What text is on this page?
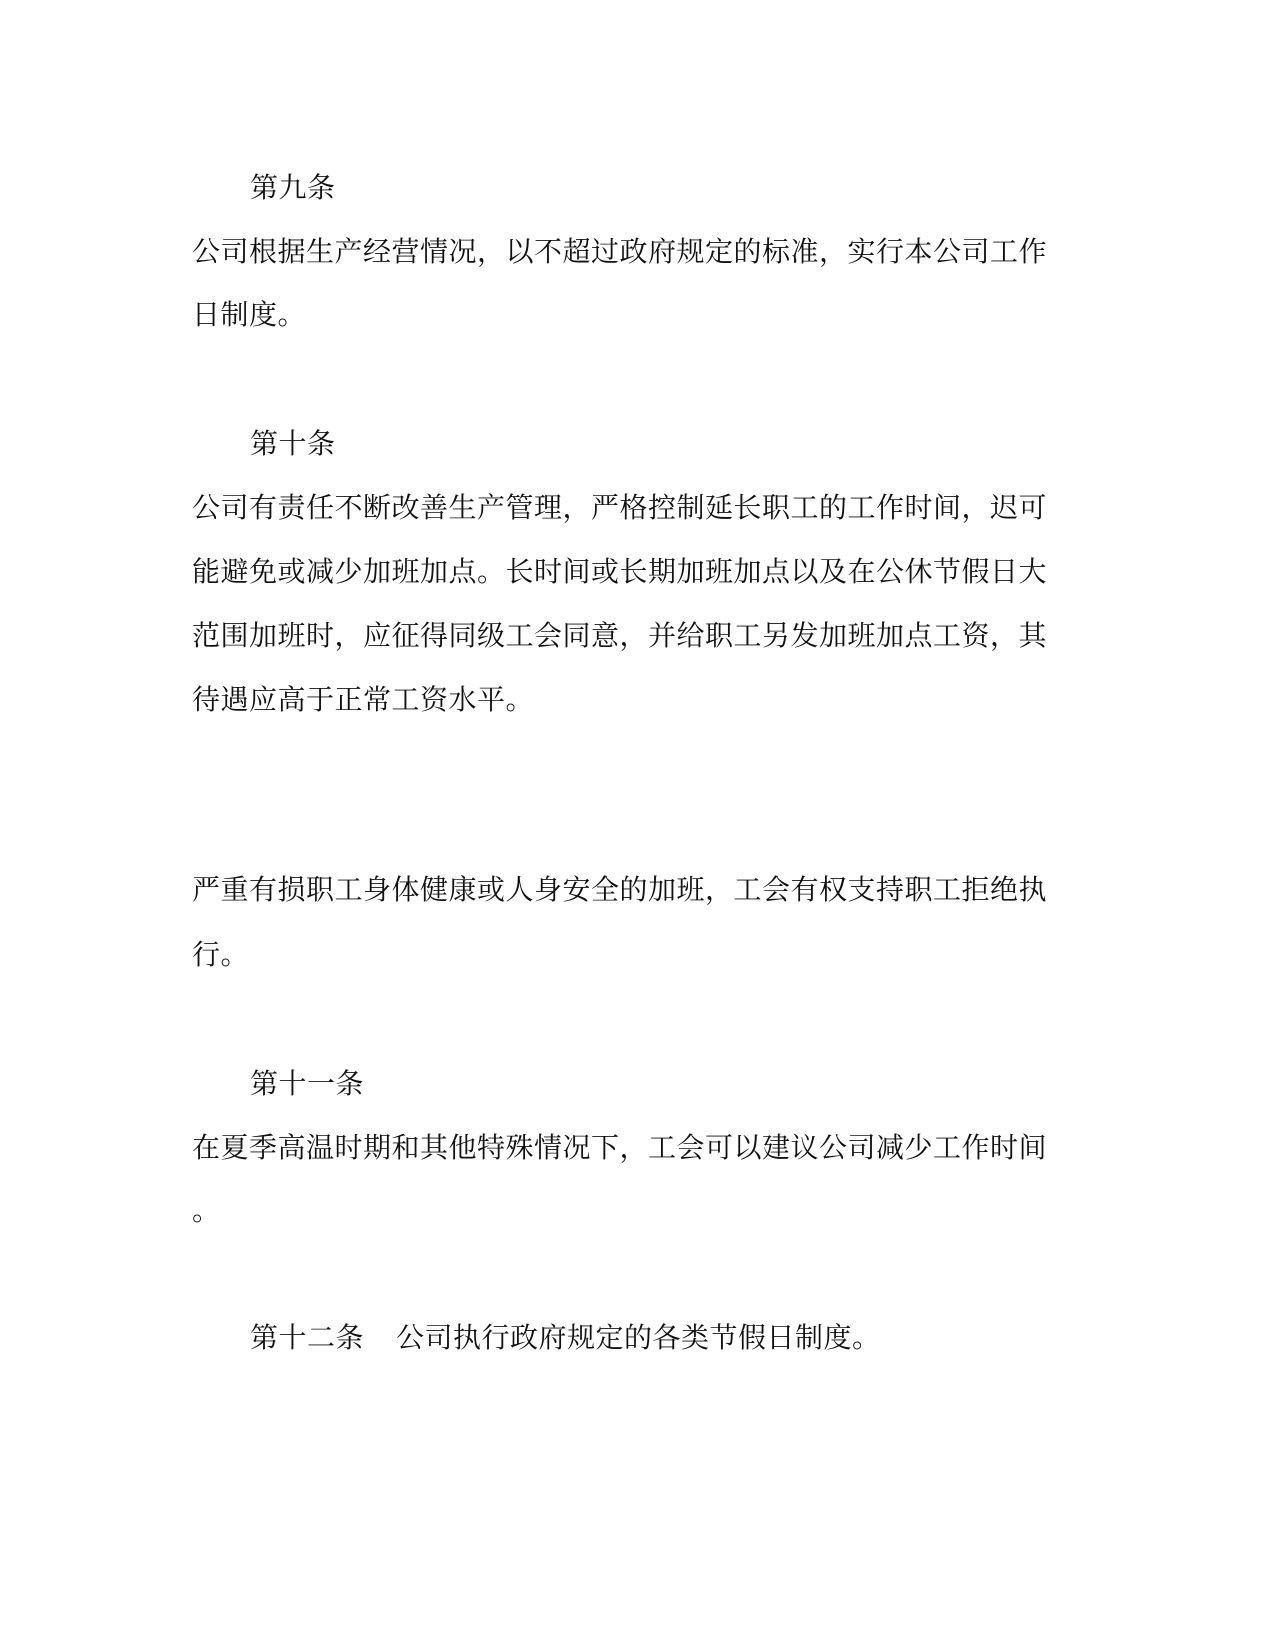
第九条
公司根据生产经营情况，以不超过政府规定的标准，实行本公司工作
日制度。
第十条
公司有责任不断改善生产管理，严格控制延长职工的工作时间，迟可
能避免或减少加班加点。长时间或长期加班加点以及在公休节假日大
范围加班时，应征得同级工会同意，并给职工另发加班加点工资，其
待遇应高于正常工资水平。
严重有损职工身体健康或人身安全的加班，工会有权支持职工拒绝执
行。
第十一条
在夏季高温时期和其他特殊情况下，工会可以建议公司减少工作时间
。
第十二条 公司执行政府规定的各类节假日制度。
